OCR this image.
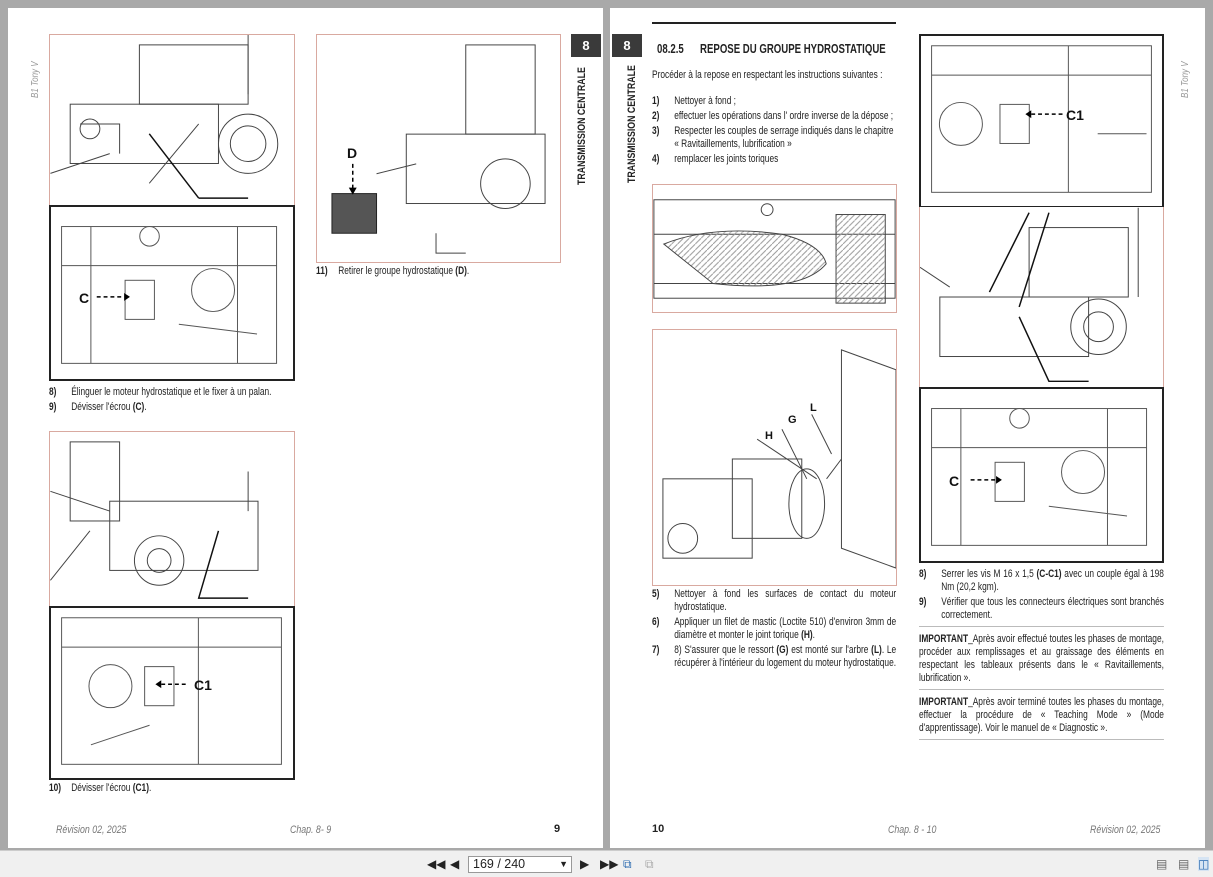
B1 Tony V
C
8)	Élinguer le moteur hydrostatique et le fixer à un palan.
9)	Dévisser l'écrou (C).
C1
10) Dévisser l'écrou (C1).
D
11) Retirer le groupe hydrostatique (D).
8
TRANSMISSION CENTRALE
Révision 02, 2025	Chap. 8- 9	9
8
TRANSMISSION CENTRALE	B1 Tony V
08.2.5 REPOSE DU GROUPE HYDROSTATIQUE
Procéder à la repose en respectant les instructions suivantes :
1)	Nettoyer à fond ;
2)	effectuer les opérations dans l' ordre inverse de la dépose ;
3)	Respecter les couples de serrage indiqués dans le chapitre « Ravitaillements, lubrification »
4)	remplacer les joints toriques
H
G
L
5)	Nettoyer à fond les surfaces de contact du moteur hydrostatique.
6)	Appliquer un filet de mastic (Loctite 510) d'environ 3mm de diamètre et monter le joint torique (H).
7)	8) S'assurer que le ressort (G) est monté sur l'arbre (L). Le récupérer à l'intérieur du logement du moteur hydrostatique.
C1
C
8)	Serrer les vis M 16 x 1,5 (C-C1) avec un couple égal à 198 Nm (20,2 kgm).
9)	Vérifier que tous les connecteurs électriques sont branchés correctement.
IMPORTANT_Après avoir effectué toutes les phases de montage, procéder aux remplissages et au graissage des éléments en respectant les tableaux présents dans le « Ravitaillements, lubrification ».
IMPORTANT_Après avoir terminé toutes les phases du montage, effectuer la procédure de « Teaching Mode » (Mode d'apprentissage). Voir le manuel de « Diagnostic ».
10	Chap. 8 - 10	Révision 02, 2025
◀◀ ◀	169 / 240	▼ ▶ ▶▶ ⧉ ⧉	▤ ▤ ◫
